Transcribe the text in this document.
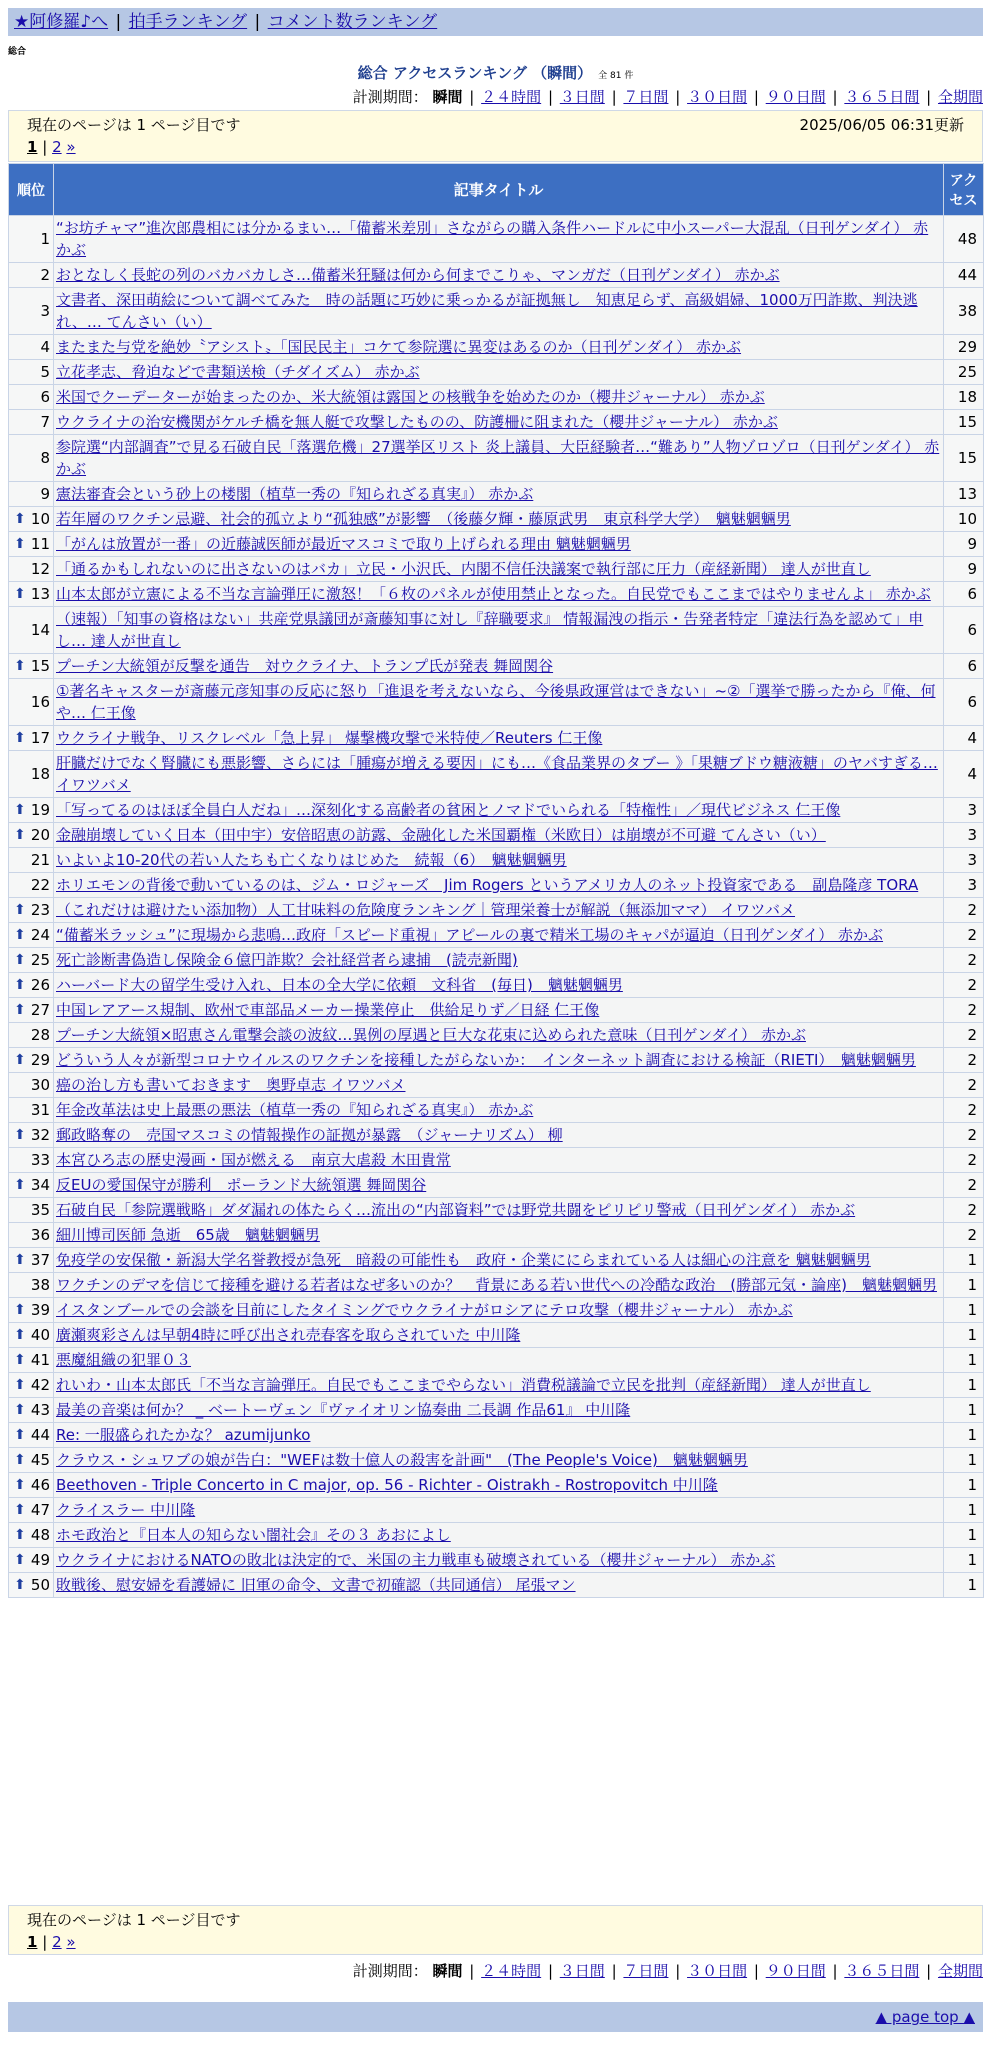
★阿修羅♪へ | 拍手ランキング | コメント数ランキング
総合
総合 アクセスランキング （瞬間） 全 81 件
計測期間： 瞬間 | ２４時間 | ３日間 | ７日間 | ３０日間 | ９０日間 | ３６５日間 | 全期間
現在のページは 1 ページ目です	2025/06/05 06:31更新
1 | 2 »
順位	記事タイトル	アクセス
1	“お坊チャマ”進次郎農相には分かるまい…「備蓄米差別」さながらの購入条件ハードルに中小スーパー大混乱（日刊ゲンダイ） 赤かぶ	48
2	おとなしく長蛇の列のバカバカしさ…備蓄米狂騒は何から何までこりゃ、マンガだ（日刊ゲンダイ） 赤かぶ	44
3	文書者、深田萌絵について調べてみた　時の話題に巧妙に乗っかるが証拠無し　知恵足らず、高級娼婦、1000万円詐欺、判決逃れ、… てんさい（い）	38
4	またまた与党を絶妙〝アシスト〟「国民民主」コケて参院選に異変はあるのか（日刊ゲンダイ） 赤かぶ	29
5	立花孝志、脅迫などで書類送検（チダイズム） 赤かぶ	25
6	米国でクーデーターが始まったのか、米大統領は露国との核戦争を始めたのか（櫻井ジャーナル） 赤かぶ	18
7	ウクライナの治安機関がケルチ橋を無人艇で攻撃したものの、防護柵に阻まれた（櫻井ジャーナル） 赤かぶ	15
8	参院選“内部調査”で見る石破自民「落選危機」27選挙区リスト 炎上議員、大臣経験者…“難あり”人物ゾロゾロ（日刊ゲンダイ） 赤かぶ	15
9	憲法審査会という砂上の楼閣（植草一秀の『知られざる真実』） 赤かぶ	13

⬆ 10	若年層のワクチン忌避、社会的孤立より“孤独感”が影響　（後藤夕輝・藤原武男　東京科学大学）　魑魅魍魎男	10

⬆ 11	「がんは放置が一番」の近藤誠医師が最近マスコミで取り上げられる理由 魑魅魍魎男	9
12	「通るかもしれないのに出さないのはバカ」立民・小沢氏、内閣不信任決議案で執行部に圧力（産経新聞） 達人が世直し	9

⬆ 13	山本太郎が立憲による不当な言論弾圧に激怒！「６枚のパネルが使用禁止となった。自民党でもここまではやりませんよ」 赤かぶ	6
14	（速報）「知事の資格はない」共産党県議団が斎藤知事に対し『辞職要求』 情報漏洩の指示・告発者特定「違法行為を認めて」申し… 達人が世直し	6

⬆ 15	プーチン大統領が反撃を通告　対ウクライナ、トランプ氏が発表 舞岡関谷	6
16	①著名キャスターが斎藤元彦知事の反応に怒り「進退を考えないなら、今後県政運営はできない」~②「選挙で勝ったから『俺、何や… 仁王像	6

⬆ 17	ウクライナ戦争、リスクレベル「急上昇」 爆撃機攻撃で米特使／Reuters 仁王像	4
18	肝臓だけでなく腎臓にも悪影響、さらには「腫瘍が増える要因」にも…《食品業界のタブー 》「果糖ブドウ糖液糖」のヤバすぎる… イワツバメ	4

⬆ 19	「写ってるのはほぼ全員白人だね」…深刻化する高齢者の貧困とノマドでいられる「特権性」／現代ビジネス 仁王像	3

⬆ 20	金融崩壊していく日本（田中宇）安倍昭恵の訪露、金融化した米国覇権（米欧日）は崩壊が不可避 てんさい（い）	3
21	いよいよ10-20代の若い人たちも亡くなりはじめた　続報（6）　魑魅魍魎男	3
22	ホリエモンの背後で動いているのは、ジム・ロジャーズ　Jim Rogers というアメリカ人のネット投資家である　副島隆彦 TORA	3

⬆ 23	（これだけは避けたい添加物）人工甘味料の危険度ランキング｜管理栄養士が解説（無添加ママ） イワツバメ	2

⬆ 24	“備蓄米ラッシュ”に現場から悲鳴…政府「スピード重視」アピールの裏で精米工場のキャパが逼迫（日刊ゲンダイ） 赤かぶ	2

⬆ 25	死亡診断書偽造し保険金６億円詐欺？会社経営者ら逮捕　(読売新聞)	2

⬆ 26	ハーバード大の留学生受け入れ、日本の全大学に依頼　文科省　(毎日)　魑魅魍魎男	2

⬆ 27	中国レアアース規制、欧州で車部品メーカー操業停止　供給足りず／日経 仁王像	2
28	プーチン大統領×昭恵さん電撃会談の波紋…異例の厚遇と巨大な花束に込められた意味（日刊ゲンダイ） 赤かぶ	2

⬆ 29	どういう人々が新型コロナウイルスのワクチンを接種したがらないか：　インターネット調査における検証（RIETI）　魑魅魍魎男	2
30	癌の治し方も書いておきます　奥野卓志 イワツバメ	2
31	年金改革法は史上最悪の悪法（植草一秀の『知られざる真実』） 赤かぶ	2

⬆ 32	郵政略奪の　売国マスコミの情報操作の証拠が暴露　（ジャーナリズム） 柳	2
33	本宮ひろ志の歴史漫画・国が燃える　南京大虐殺 木田貴常	2

⬆ 34	反EUの愛国保守が勝利　ポーランド大統領選 舞岡関谷	2
35	石破自民「参院選戦略」ダダ漏れの体たらく…流出の“内部資料”では野党共闘をピリピリ警戒（日刊ゲンダイ） 赤かぶ	2
36	細川博司医師 急逝　65歳　魑魅魍魎男	2

⬆ 37	免疫学の安保徹・新潟大学名誉教授が急死　暗殺の可能性も　政府・企業ににらまれている人は細心の注意を 魑魅魍魎男	1
38	ワクチンのデマを信じて接種を避ける若者はなぜ多いのか？　背景にある若い世代への冷酷な政治　(勝部元気・論座)　魑魅魍魎男	1

⬆ 39	イスタンブールでの会談を目前にしたタイミングでウクライナがロシアにテロ攻撃（櫻井ジャーナル） 赤かぶ	1

⬆ 40	廣瀬爽彩さんは早朝4時に呼び出され売春客を取らされていた 中川隆	1

⬆ 41	悪魔組織の犯罪０３	1

⬆ 42	れいわ・山本太郎氏「不当な言論弾圧。自民でもここまでやらない」消費税議論で立民を批判（産経新聞） 達人が世直し	1

⬆ 43	最美の音楽は何か？ _ ベートーヴェン『ヴァイオリン協奏曲 二長調 作品61』 中川隆	1

⬆ 44	Re: 一服盛られたかな？ azumijunko	1

⬆ 45	クラウス・シュワブの娘が告白："WEFは数十億人の殺害を計画"　(The People's Voice)　魑魅魍魎男	1

⬆ 46	Beethoven - Triple Concerto in C major, op. 56 - Richter - Oistrakh - Rostropovitch 中川隆	1

⬆ 47	クライスラー 中川隆	1

⬆ 48	ホモ政治と『日本人の知らない闇社会』その３ あおによし	1

⬆ 49	ウクライナにおけるNATOの敗北は決定的で、米国の主力戦車も破壊されている（櫻井ジャーナル） 赤かぶ	1

⬆ 50	敗戦後、慰安婦を看護婦に 旧軍の命令、文書で初確認（共同通信） 尾張マン	1
現在のページは 1 ページ目です
1 | 2 »
計測期間： 瞬間 | ２４時間 | ３日間 | ７日間 | ３０日間 | ９０日間 | ３６５日間 | 全期間
▲ page top ▲
